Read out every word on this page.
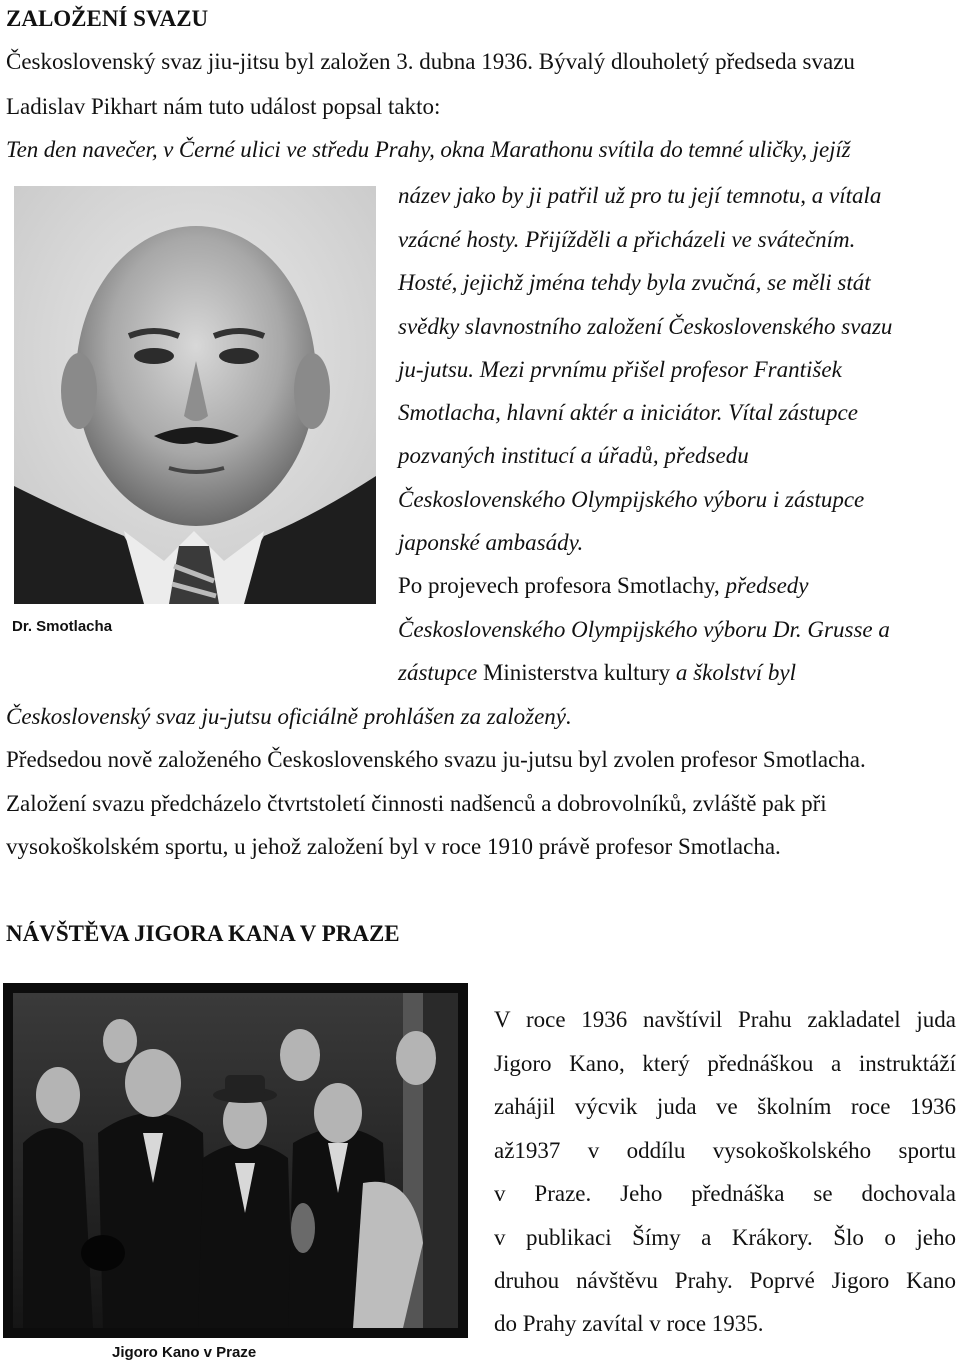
ZALOŽENÍ SVAZU
Československý svaz jiu-jitsu byl založen 3. dubna 1936. Bývalý dlouholetý předseda svazu
Ladislav Pikhart nám tuto událost popsal takto:
Ten den navečer, v Černé ulici ve středu Prahy, okna Marathonu svítila do temné uličky, jejíž
Dr. Smotlacha
název jako by ji patřil už pro tu její temnotu, a vítala
vzácné hosty. Přijížděli a přicházeli ve svátečním.
Hosté, jejichž jména tehdy byla zvučná, se měli stát
svědky slavnostního založení Československého svazu
ju-jutsu. Mezi prvnímu přišel profesor František
Smotlacha, hlavní aktér a iniciátor. Vítal zástupce
pozvaných institucí a úřadů, předsedu
Československého Olympijského výboru i zástupce
japonské ambasády.
Po projevech profesora Smotlachy, předsedy
Československého Olympijského výboru Dr. Grusse a
zástupce Ministerstva kultury a školství byl
Československý svaz ju-jutsu oficiálně prohlášen za založený.
Předsedou nově založeného Československého svazu ju-jutsu byl zvolen profesor Smotlacha.
Založení svazu předcházelo čtvrtstoletí činnosti nadšenců a dobrovolníků, zvláště pak při
vysokoškolském sportu, u jehož založení byl v roce 1910 právě profesor Smotlacha.
NÁVŠTĚVA JIGORA KANA V PRAZE
Jigoro Kano v Praze
V roce 1936 navštívil Prahu zakladatel juda
Jigoro Kano, který přednáškou a instruktáží
zahájil výcvik juda ve školním roce 1936
až1937 v oddílu vysokoškolského sportu
v Praze. Jeho přednáška se dochovala
v publikaci Šímy a Krákory. Šlo o jeho
druhou návštěvu Prahy. Poprvé Jigoro Kano
do Prahy zavítal v roce 1935.
